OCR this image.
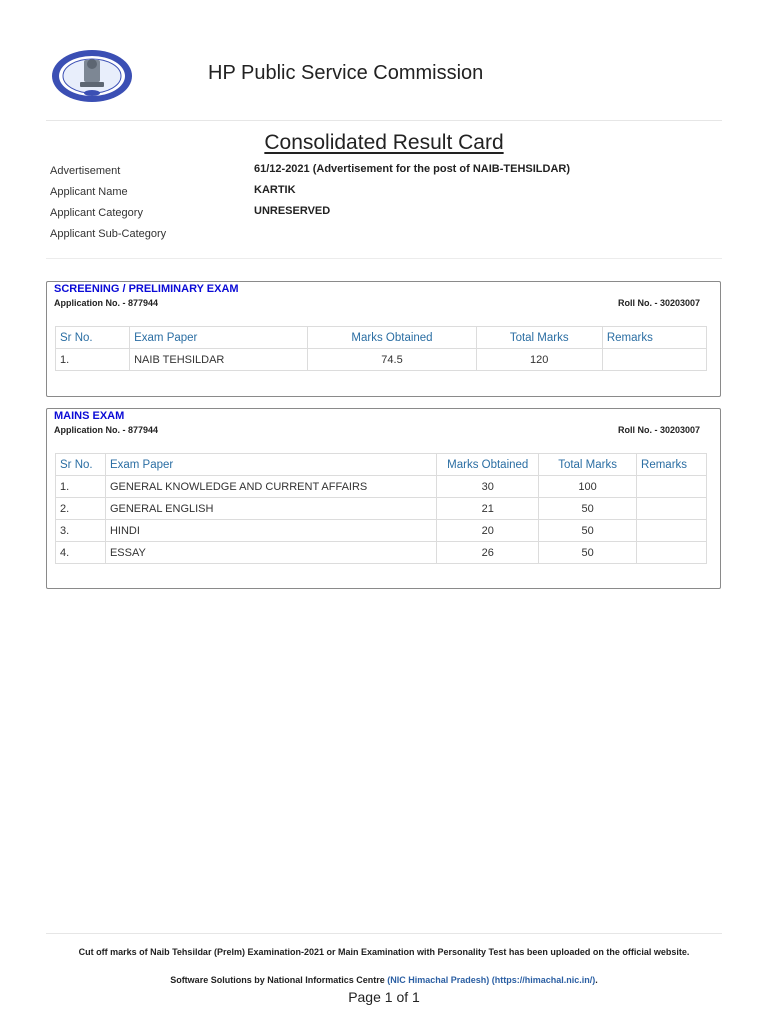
HP Public Service Commission
Consolidated Result Card
Advertisement	61/12-2021 (Advertisement for the post of NAIB-TEHSILDAR)
Applicant Name	KARTIK
Applicant Category	UNRESERVED
Applicant Sub-Category
SCREENING / PRELIMINARY EXAM
Application No. - 877944	Roll No. - 30203007
Sr No.	Exam Paper	Marks Obtained	Total Marks	Remarks
1.	NAIB TEHSILDAR	74.5	120	
MAINS EXAM
Application No. - 877944	Roll No. - 30203007
Sr No.	Exam Paper	Marks Obtained	Total Marks	Remarks
1.	GENERAL KNOWLEDGE AND CURRENT AFFAIRS	30	100	
2.	GENERAL ENGLISH	21	50	
3.	HINDI	20	50	
4.	ESSAY	26	50	
Cut off marks of Naib Tehsildar (Prelm) Examination-2021 or Main Examination with Personality Test has been uploaded on the official website.
Software Solutions by National Informatics Centre (NIC Himachal Pradesh) (https://himachal.nic.in/).
Page 1 of 1
